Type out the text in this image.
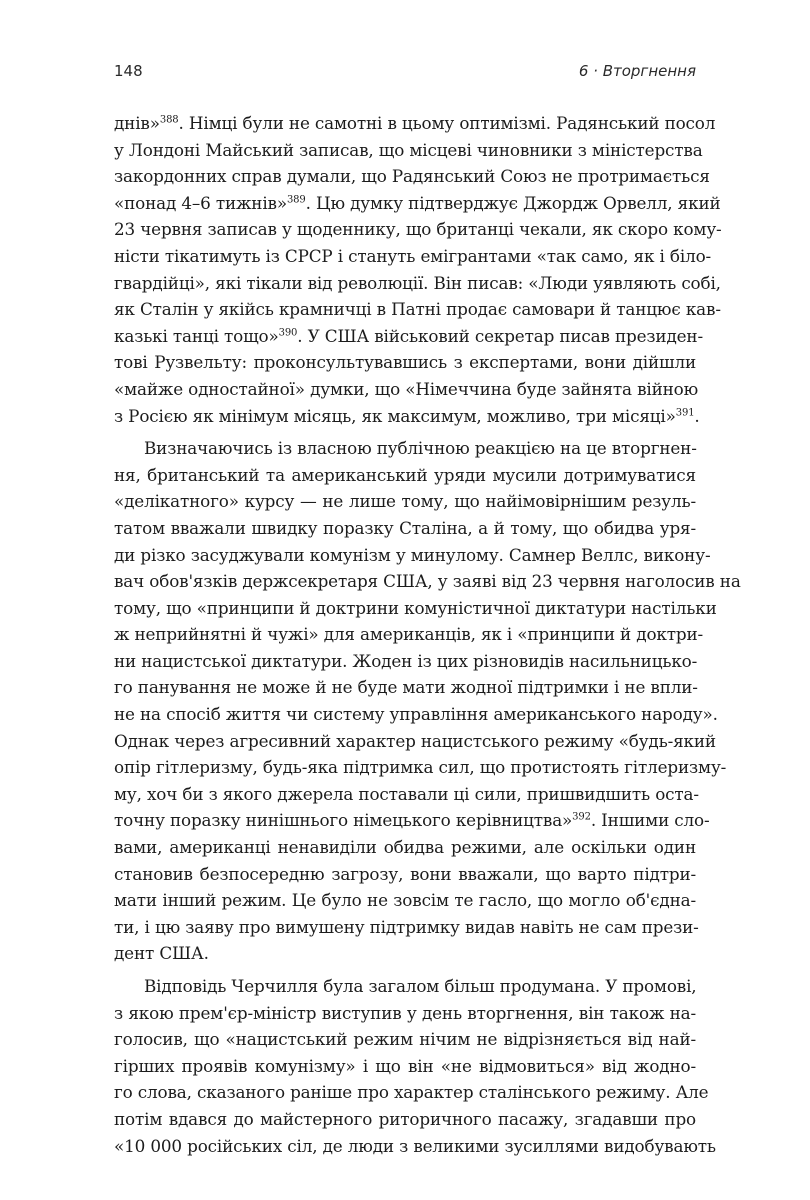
148	6 · Вторгнення
днів»$^{388}$. Німці були не самотні в цьому оптимізмі. Радянський посол
у Лондоні Майський записав, що місцеві чиновники з міністерства
закордонних справ думали, що Радянський Союз не протримається
«понад 4–6 тижнів»$^{389}$. Цю думку підтверджує Джордж Орвелл, який
23 червня записав у щоденнику, що британці чекали, як скоро кому-
ністи тікатимуть із СРСР і стануть емігрантами «так само, як і біло-
гвардійці», які тікали від революції. Він писав: «Люди уявляють собі,
як Сталін у якійсь крамничці в Патні продає самовари й танцює кав-
казькі танці тощо»$^{390}$. У США військовий секретар писав президен-
тові Рузвельту: проконсультувавшись з експертами, вони дійшли
«майже одностайної» думки, що «Німеччина буде зайнята війною
з Росією як мінімум місяць, як максимум, можливо, три місяці»$^{391}$.
Визначаючись із власною публічною реакцією на це вторгнен-
ня, британський та американський уряди мусили дотримуватися
«делікатного» курсу — не лише тому, що найімовірнішим резуль-
татом вважали швидку поразку Сталіна, а й тому, що обидва уря-
ди різко засуджували комунізм у минулому. Самнер Веллс, викону-
вач обов'язків держсекретаря США, у заяві від 23 червня наголосив на
тому, що «принципи й доктрини комуністичної диктатури настільки
ж неприйнятні й чужі» для американців, як і «принципи й доктри-
ни нацистської диктатури. Жоден із цих різновидів насильницько-
го панування не може й не буде мати жодної підтримки і не впли-
не на спосіб життя чи систему управління американського народу».
Однак через агресивний характер нацистського режиму «будь-який
опір гітлеризму, будь-яка підтримка сил, що протистоять гітлеризму-
му, хоч би з якого джерела поставали ці сили, пришвидшить оста-
точну поразку нинішнього німецького керівництва»$^{392}$. Іншими сло-
вами, американці ненавиділи обидва режими, але оскільки один
становив безпосередню загрозу, вони вважали, що варто підтри-
мати інший режим. Це було не зовсім те гасло, що могло об'єдна-
ти, і цю заяву про вимушену підтримку видав навіть не сам прези-
дент США.
Відповідь Черчилля була загалом більш продумана. У промові,
з якою прем'єр-міністр виступив у день вторгнення, він також на-
голосив, що «нацистський режим нічим не відрізняється від най-
гірших проявів комунізму» і що він «не відмовиться» від жодно-
го слова, сказаного раніше про характер сталінського режиму. Але
потім вдався до майстерного риторичного пасажу, згадавши про
«10 000 російських сіл, де люди з великими зусиллями видобувають
